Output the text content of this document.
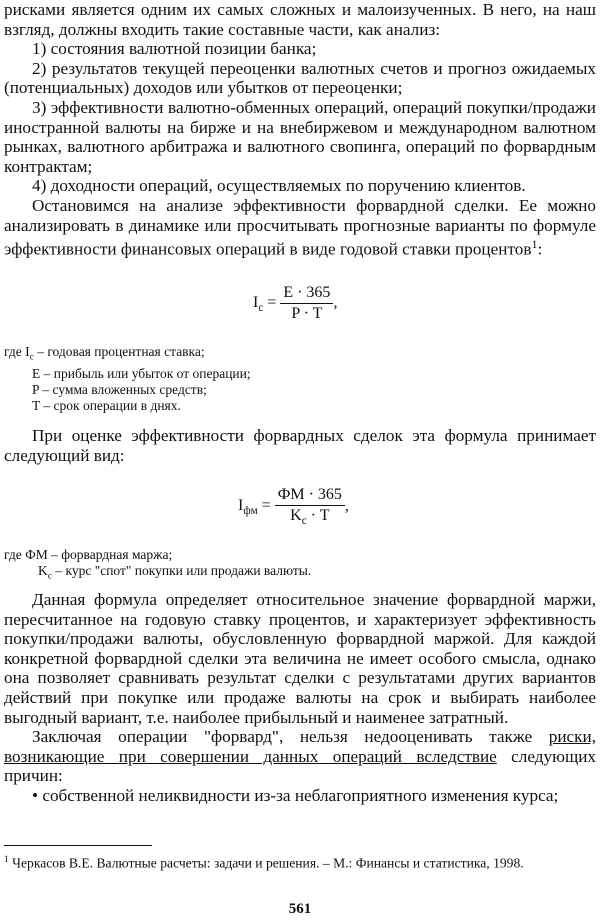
рисками является одним их самых сложных и малоизученных. В него, на наш взгляд, должны входить такие составные части, как анализ:

1) состояния валютной позиции банка;

2) результатов текущей переоценки валютных счетов и прогноз ожидаемых (потенциальных) доходов или убытков от переоценки;

3) эффективности валютно-обменных операций, операций покупки/продажи иностранной валюты на бирже и на внебиржевом и международном валютном рынках, валютного арбитража и валютного свопинга, операций по форвардным контрактам;

4) доходности операций, осуществляемых по поручению клиентов.

Остановимся на анализе эффективности форвардной сделки. Ее можно анализировать в динамике или просчитывать прогнозные варианты по формуле эффективности финансовых операций в виде годовой ставки процентов$^1$:

$I_c = \frac{E \cdot 365}{P \cdot T}$ ,
где $I_c$ – годовая процентная ставка;
E – прибыль или убыток от операции;
P – сумма вложенных средств;
T – срок операции в днях.

При оценке эффективности форвардных сделок эта формула принимает следующий вид:

$I_{фм} = \frac{ФМ \cdot 365}{K_c \cdot T}$ ,
где ФМ – форвардная маржа;
$K_c$ – курс "спот" покупки или продажи валюты.

Данная формула определяет относительное значение форвардной маржи, пересчитанное на годовую ставку процентов, и характеризует эффективность покупки/продажи валюты, обусловленную форвардной маржой. Для каждой конкретной форвардной сделки эта величина не имеет особого смысла, однако она позволяет сравнивать результат сделки с результатами других вариантов действий при покупке или продаже валюты на срок и выбирать наиболее выгодный вариант, т.е. наиболее прибыльный и наименее затратный.

Заключая операции "форвард", нельзя недооценивать также риски, возникающие при совершении данных операций вследствие следующих причин:

• собственной неликвидности из-за неблагоприятного изменения курса;

$^1$ Черкасов В.Е. Валютные расчеты: задачи и решения. – М.: Финансы и статистика, 1998.
561
